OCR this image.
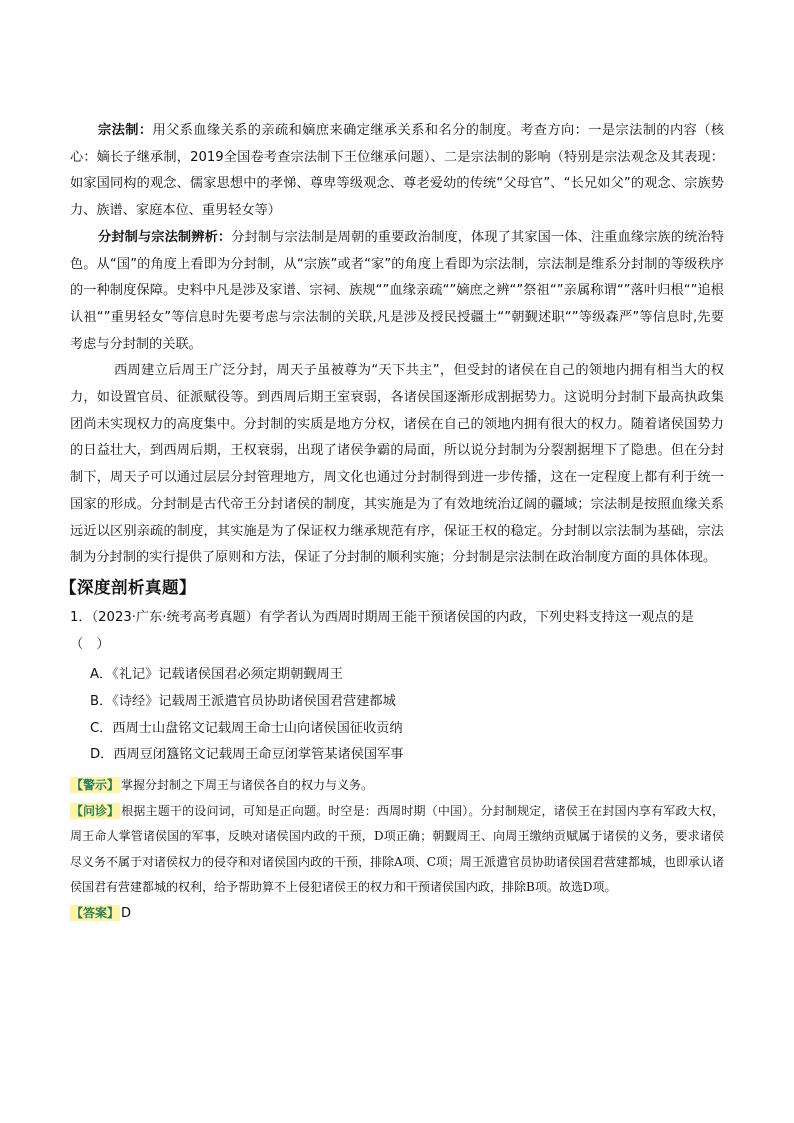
宗法制：用父系血缘关系的亲疏和嫡庶来确定继承关系和名分的制度。考查方向：一是宗法制的内容（核心：嫡长子继承制，2019全国卷考查宗法制下王位继承问题）、二是宗法制的影响（特别是宗法观念及其表现：如家国同构的观念、儒家思想中的孝悌、尊卑等级观念、尊老爱幼的传统“父母官”、“长兄如父”的观念、宗族势力、族谱、家庭本位、重男轻女等）

分封制与宗法制辨析：分封制与宗法制是周朝的重要政治制度，体现了其家国一体、注重血缘宗族的统治特色。从“国”的角度上看即为分封制，从“宗族”或者“家”的角度上看即为宗法制，宗法制是维系分封制的等级秩序的一种制度保障。史料中凡是涉及家谱、宗祠、族规“”血缘亲疏“”嫡庶之辨“”祭祖“”亲属称谓“”落叶归根“”追根认祖“”重男轻女”等信息时先要考虑与宗法制的关联,凡是涉及授民授疆土“”朝觐述职“”等级森严”等信息时,先要考虑与分封制的关联。

西周建立后周王广泛分封，周天子虽被尊为“天下共主”，但受封的诸侯在自己的领地内拥有相当大的权力，如设置官员、征派赋役等。到西周后期王室衰弱，各诸侯国逐渐形成割据势力。这说明分封制下最高执政集团尚未实现权力的高度集中。分封制的实质是地方分权，诸侯在自己的领地内拥有很大的权力。随着诸侯国势力的日益壮大，到西周后期，王权衰弱，出现了诸侯争霸的局面，所以说分封制为分裂割据埋下了隐患。但在分封制下，周天子可以通过层层分封管理地方，周文化也通过分封制得到进一步传播，这在一定程度上都有利于统一国家的形成。分封制是古代帝王分封诸侯的制度，其实施是为了有效地统治辽阔的疆域；宗法制是按照血缘关系远近以区别亲疏的制度，其实施是为了保证权力继承规范有序，保证王权的稳定。分封制以宗法制为基础，宗法制为分封制的实行提供了原则和方法，保证了分封制的顺利实施；分封制是宗法制在政治制度方面的具体体现。

【深度剖析真题】

1．（2023·广东·统考高考真题）有学者认为西周时期周王能干预诸侯国的内政，下列史料支持这一观点的是（　）

A．《礼记》记载诸侯国君必须定期朝觐周王

B．《诗经》记载周王派遣官员协助诸侯国君营建都城

C．西周士山盘铭文记载周王命士山向诸侯国征收贡纳

D．西周豆闭簋铭文记载周王命豆闭掌管某诸侯国军事

【警示】 掌握分封制之下周王与诸侯各自的权力与义务。
【问诊】 根据主题干的设问词，可知是正向题。时空是：西周时期（中国）。分封制规定，诸侯王在封国内享有军政大权，周王命人掌管诸侯国的军事，反映对诸侯国内政的干预，D项正确；朝觐周王、向周王缴纳贡赋属于诸侯的义务，要求诸侯尽义务不属于对诸侯权力的侵夺和对诸侯国内政的干预，排除A项、C项；周王派遣官员协助诸侯国君营建都城，也即承认诸侯国君有营建都城的权利，给予帮助算不上侵犯诸侯王的权力和干预诸侯国内政，排除B项。故选D项。
【答案】 D
